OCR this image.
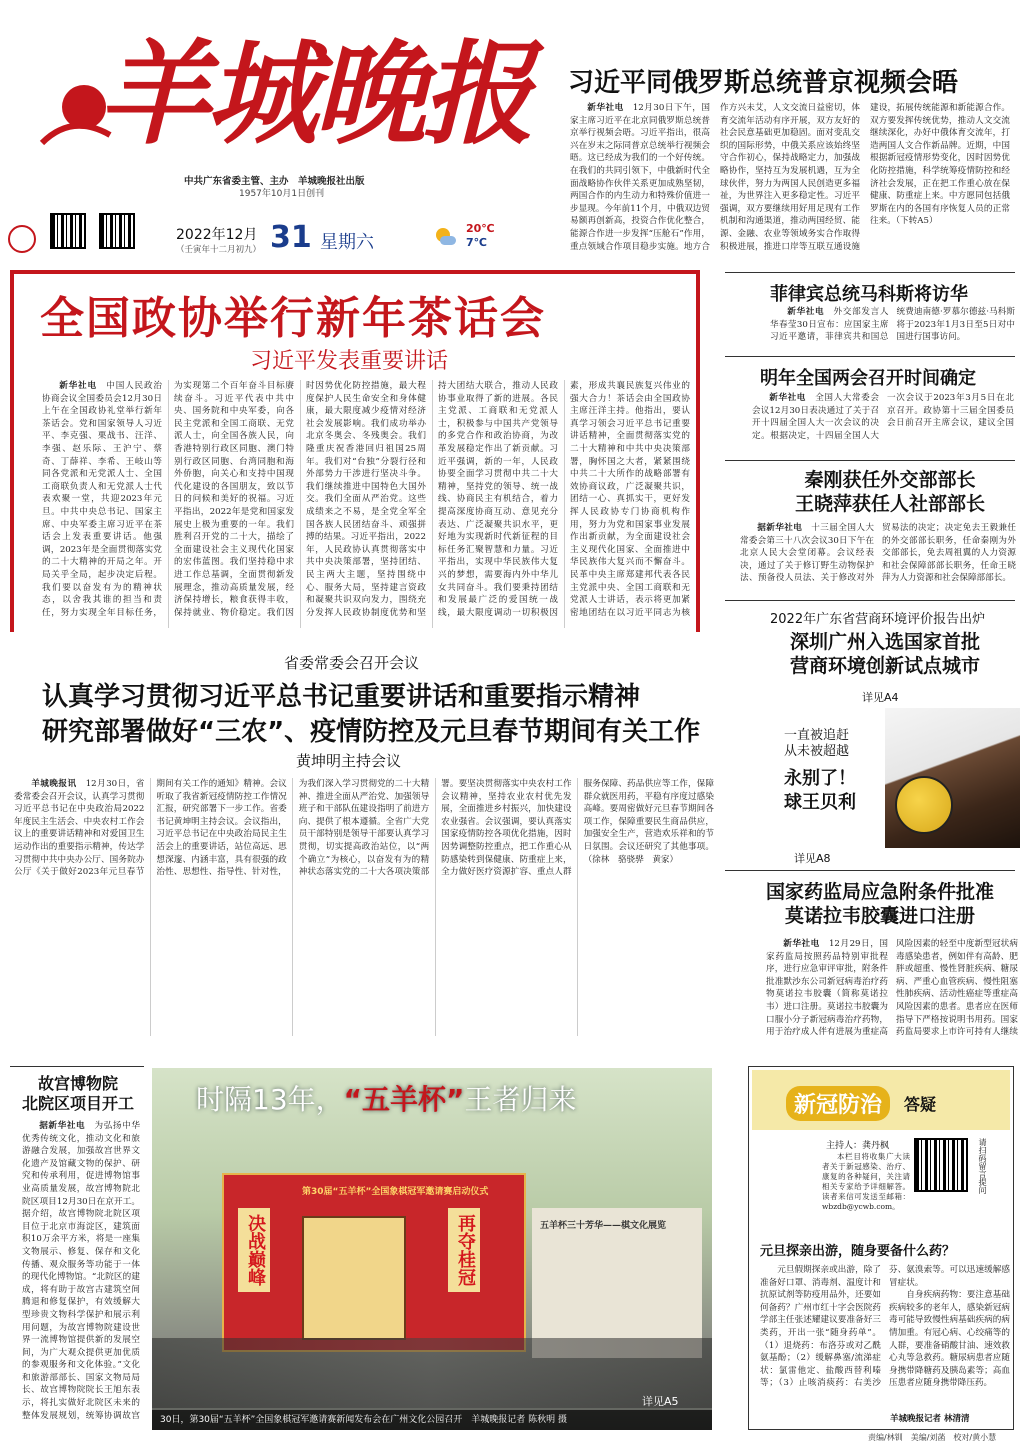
羊城晚报
中共广东省委主管、主办　羊城晚报社出版
1957年10月1日创刊
2022年12月
（壬寅年十二月初九） 31 星期六
20℃
7℃
习近平同俄罗斯总统普京视频会晤

新华社电　 12月30日下午，国家主席习近平在北京同俄罗斯总统普京举行视频会晤。习近平指出，很高兴在岁末之际同普京总统举行视频会晤。这已经成为我们的一个好传统。在我们的共同引领下，中俄新时代全面战略协作伙伴关系更加成熟坚韧，两国合作的内生动力和特殊价值进一步显现。今年前11个月，中俄双边贸易额再创新高，投资合作优化整合，能源合作进一步发挥“压舱石”作用，重点领域合作项目稳步实施。地方合作方兴未艾，人文交流日益密切，体育交流年活动有序开展，双方友好的社会民意基础更加稳固。面对变乱交织的国际形势，中俄关系应该始终坚守合作初心，保持战略定力，加强战略协作，坚持互为发展机遇，互为全球伙伴，努力为两国人民创造更多福祉，为世界注入更多稳定性。习近平强调，双方要继续用好用足现有工作机制和沟通渠道，推动两国经贸、能源、金融、农业等领域务实合作取得积极进展，推进口岸等互联互通设施建设，拓展传统能源和新能源合作。双方要发挥传统优势，推动人文交流继续深化，办好中俄体育交流年，打造两国人文合作新品牌。近期，中国根据新冠疫情形势变化，因时因势优化防控措施，科学统筹疫情防控和经济社会发展，正在把工作重心放在保健康、防重症上来。中方愿同包括俄罗斯在内的各国有序恢复人员的正常往来。（下转A5）

全国政协举行新年茶话会
习近平发表重要讲话

新华社电　 中国人民政治协商会议全国委员会12月30日上午在全国政协礼堂举行新年茶话会。党和国家领导人习近平、李克强、栗战书、汪洋、李强、赵乐际、王沪宁、蔡奇、丁薛祥、李希、王岐山等同各党派和无党派人士、全国工商联负责人和无党派人士代表欢聚一堂，共迎2023年元旦。中共中央总书记、国家主席、中央军委主席习近平在茶话会上发表重要讲话。他强调，2023年是全面贯彻落实党的二十大精神的开局之年。开局关乎全局，起步决定后程。我们要以奋发有为的精神状态，以舍我其谁的担当和责任，努力实现全年目标任务，为实现第二个百年奋斗目标赓续奋斗。习近平代表中共中央、国务院和中央军委，向各民主党派和全国工商联、无党派人士，向全国各族人民，向香港特别行政区同胞、澳门特别行政区同胞、台湾同胞和海外侨胞，向关心和支持中国现代化建设的各国朋友，致以节日的问候和美好的祝福。习近平指出，2022年是党和国家发展史上极为重要的一年。我们胜利召开党的二十大，描绘了全面建设社会主义现代化国家的宏伟蓝图。我们坚持稳中求进工作总基调，全面贯彻新发展理念，推动高质量发展，经济保持增长，粮食获得丰收，保持就业、物价稳定。我们因时因势优化防控措施，最大程度保护人民生命安全和身体健康，最大限度减少疫情对经济社会发展影响。我们成功举办北京冬奥会、冬残奥会。我们隆重庆祝香港回归祖国25周年。我们对“台独”分裂行径和外部势力干涉进行坚决斗争。我们继续推进中国特色大国外交。我们全面从严治党。这些成绩来之不易，是全党全军全国各族人民团结奋斗、顽强拼搏的结果。习近平指出，2022年，人民政协认真贯彻落实中共中央决策部署，坚持团结、民主两大主题，坚持围绕中心、服务大局，坚持建言资政和凝聚共识双向发力，围绕充分发挥人民政协制度优势和坚持大团结大联合，推动人民政协事业取得了新的进展。各民主党派、工商联和无党派人士，积极参与中国共产党领导的多党合作和政治协商，为改革发展稳定作出了新贡献。习近平强调，新的一年，人民政协要全面学习贯彻中共二十大精神，坚持党的领导、统一战线、协商民主有机结合，着力提高深度协商互动、意见充分表达、广泛凝聚共识水平，更好地为实现新时代新征程的目标任务汇聚智慧和力量。习近平指出，实现中华民族伟大复兴的梦想，需要海内外中华儿女共同奋斗。我们要秉持团结和发展最广泛的爱国统一战线，最大限度调动一切积极因素，形成共襄民族复兴伟业的强大合力！茶话会由全国政协主席汪洋主持。他指出，要认真学习领会习近平总书记重要讲话精神，全面贯彻落实党的二十大精神和中共中央决策部署，胸怀国之大者，紧紧围绕中共二十大所作的战略部署有效协商议政，广泛凝聚共识，团结一心、真抓实干，更好发挥人民政协专门协商机构作用，努力为党和国家事业发展作出新贡献，为全面建设社会主义现代化国家、全面推进中华民族伟大复兴而不懈奋斗。民革中央主席郑建邦代表各民主党派中央、全国工商联和无党派人士讲话，表示将更加紧密地团结在以习近平同志为核

菲律宾总统马科斯将访华

新华社电　 外交部发言人华春莹30日宣布：应国家主席习近平邀请，菲律宾共和国总统费迪南德·罗慕尔德兹·马科斯将于2023年1月3日至5日对中国进行国事访问。

明年全国两会召开时间确定

新华社电　 全国人大常委会会议12月30日表决通过了关于召开十四届全国人大一次会议的决定。根据决定，十四届全国人大一次会议于2023年3月5日在北京召开。政协第十三届全国委员会日前召开主席会议，建议全国

秦刚获任外交部部长
王晓萍获任人社部部长

据新华社电　 十三届全国人大常委会第三十八次会议30日下午在北京人民大会堂闭幕。会议经表决，通过了关于修订野生动物保护法、预备役人员法、关于修改对外贸易法的决定；决定免去王毅兼任的外交部部长职务，任命秦刚为外交部部长，免去周祖翼的人力资源和社会保障部部长职务，任命王晓萍为人力资源和社会保障部部长。

2022年广东省营商环境评价报告出炉
深圳广州入选国家首批
营商环境创新试点城市
详见A4
一直被追赶
从未被超越
永别了！
球王贝利
详见A8
国家药监局应急附条件批准
莫诺拉韦胶囊进口注册

新华社电　 12月29日，国家药监局按照药品特别审批程序，进行应急审评审批，附条件批准默沙东公司新冠病毒治疗药物莫诺拉韦胶囊（简称莫诺拉韦）进口注册。莫诺拉韦胶囊为口服小分子新冠病毒治疗药物，用于治疗成人伴有进展为重症高风险因素的轻至中度新型冠状病毒感染患者，例如伴有高龄、肥胖或超重、慢性肾脏疾病、糖尿病、严重心血管疾病、慢性阻塞性肺疾病、活动性癌症等重症高风险因素的患者。患者应在医师指导下严格按说明书用药。国家药监局要求上市许可持有人继续

省委常委会召开会议
认真学习贯彻习近平总书记重要讲话和重要指示精神
研究部署做好“三农”、疫情防控及元旦春节期间有关工作
黄坤明主持会议

羊城晚报讯　 12月30日，省委常委会召开会议，认真学习贯彻习近平总书记在中央政治局2022年度民主生活会、中央农村工作会议上的重要讲话精神和对爱国卫生运动作出的重要指示精神，传达学习贯彻中共中央办公厅、国务院办公厅《关于做好2023年元旦春节期间有关工作的通知》精神。会议听取了我省新冠疫情防控工作情况汇报，研究部署下一步工作。省委书记黄坤明主持会议。会议指出，习近平总书记在中央政治局民主生活会上的重要讲话，站位高远、思想深邃、内涵丰富，具有很强的政治性、思想性、指导性、针对性，为我们深入学习贯彻党的二十大精神、推进全面从严治党、加强领导班子和干部队伍建设指明了前进方向、提供了根本遵循。全省广大党员干部特别是领导干部要认真学习贯彻，切实提高政治站位，以“两个确立”为核心，以奋发有为的精神状态落实党的二十大各项决策部署。要坚决贯彻落实中央农村工作会议精神，坚持农业农村优先发展，全面推进乡村振兴，加快建设农业强省。会议强调，要认真落实国家疫情防控各项优化措施，因时因势调整防控重点，把工作重心从防感染转到保健康、防重症上来，全力做好医疗资源扩容、重点人群服务保障、药品供应等工作，保障群众就医用药，平稳有序度过感染高峰。要周密做好元旦春节期间各项工作，保障重要民生商品供应，加强安全生产，营造欢乐祥和的节日氛围。会议还研究了其他事项。（徐林　骆骁骅　黄家）

故宫博物院
北院区项目开工

据新华社电　 为弘扬中华优秀传统文化，推动文化和旅游融合发展，加强故宫世界文化遗产及馆藏文物的保护、研究和传承利用，促进博物馆事业高质量发展，故宫博物院北院区项目12月30日在京开工。据介绍，故宫博物院北院区项目位于北京市海淀区，建筑面积10万余平方米，将是一座集文物展示、修复、保存和文化传播、观众服务等功能于一体的现代化博物馆。“北院区的建成，将有助于故宫古建筑空间腾退和修复保护，有效缓解大型珍贵文物科学保护和展示利用问题，为故宫博物院建设世界一流博物馆提供新的发展空间，为广大观众提供更加优质的参观服务和文化体验。”文化和旅游部部长、国家文物局局长、故宫博物院院长王旭东表示，将扎实做好北院区未来的整体发展规划，统筹协调故宫

时隔13年，“五羊杯”王者归来
第30届“五羊杯”全国象棋冠军邀请赛启动仪式
决战巅峰	再夺桂冠	五羊杯三十芳华——棋文化展览
30日，第30届“五羊杯”全国象棋冠军邀请赛新闻发布会在广州文化公园召开　羊城晚报记者 陈秋明 摄
详见A5
新冠防治	答疑
主持人：龚丹枫

本栏目将收集广大读者关于新冠感染、治疗、康复的各种疑问，关注请相关专家给予详细解答。读者来信可发送至邮箱：wbzdb@ycwb.com。

请扫码留言提问
元旦探亲出游，随身要备什么药？

元旦假期探亲或出游，除了准备好口罩、消毒剂、温度计和抗原试剂等防疫用品外，还要如何备药？广州市红十字会医院药学部主任张述耀建议要准备好三类药，开出一张“随身药单”。（1）退烧药：布洛芬或对乙酰氨基酚；（2）缓解鼻塞/流涕症状：氯雷他定、盐酸西替利嗪等；（3）止咳消痰药：右美沙芬、氨溴索等。可以迅速缓解感冒症状。

自身疾病药物：要注意基础疾病较多的老年人，感染新冠病毒可能导致慢性病基础疾病的病情加重。有冠心病、心绞痛等的人群，要准备硝酸甘油、速效救心丸等急救药。糖尿病患者应随身携带降糖药及胰岛素等；高血压患者应随身携带降压药。

羊城晚报记者 林清清
责编/林钏　美编/刘菡　校对/黄小慧
